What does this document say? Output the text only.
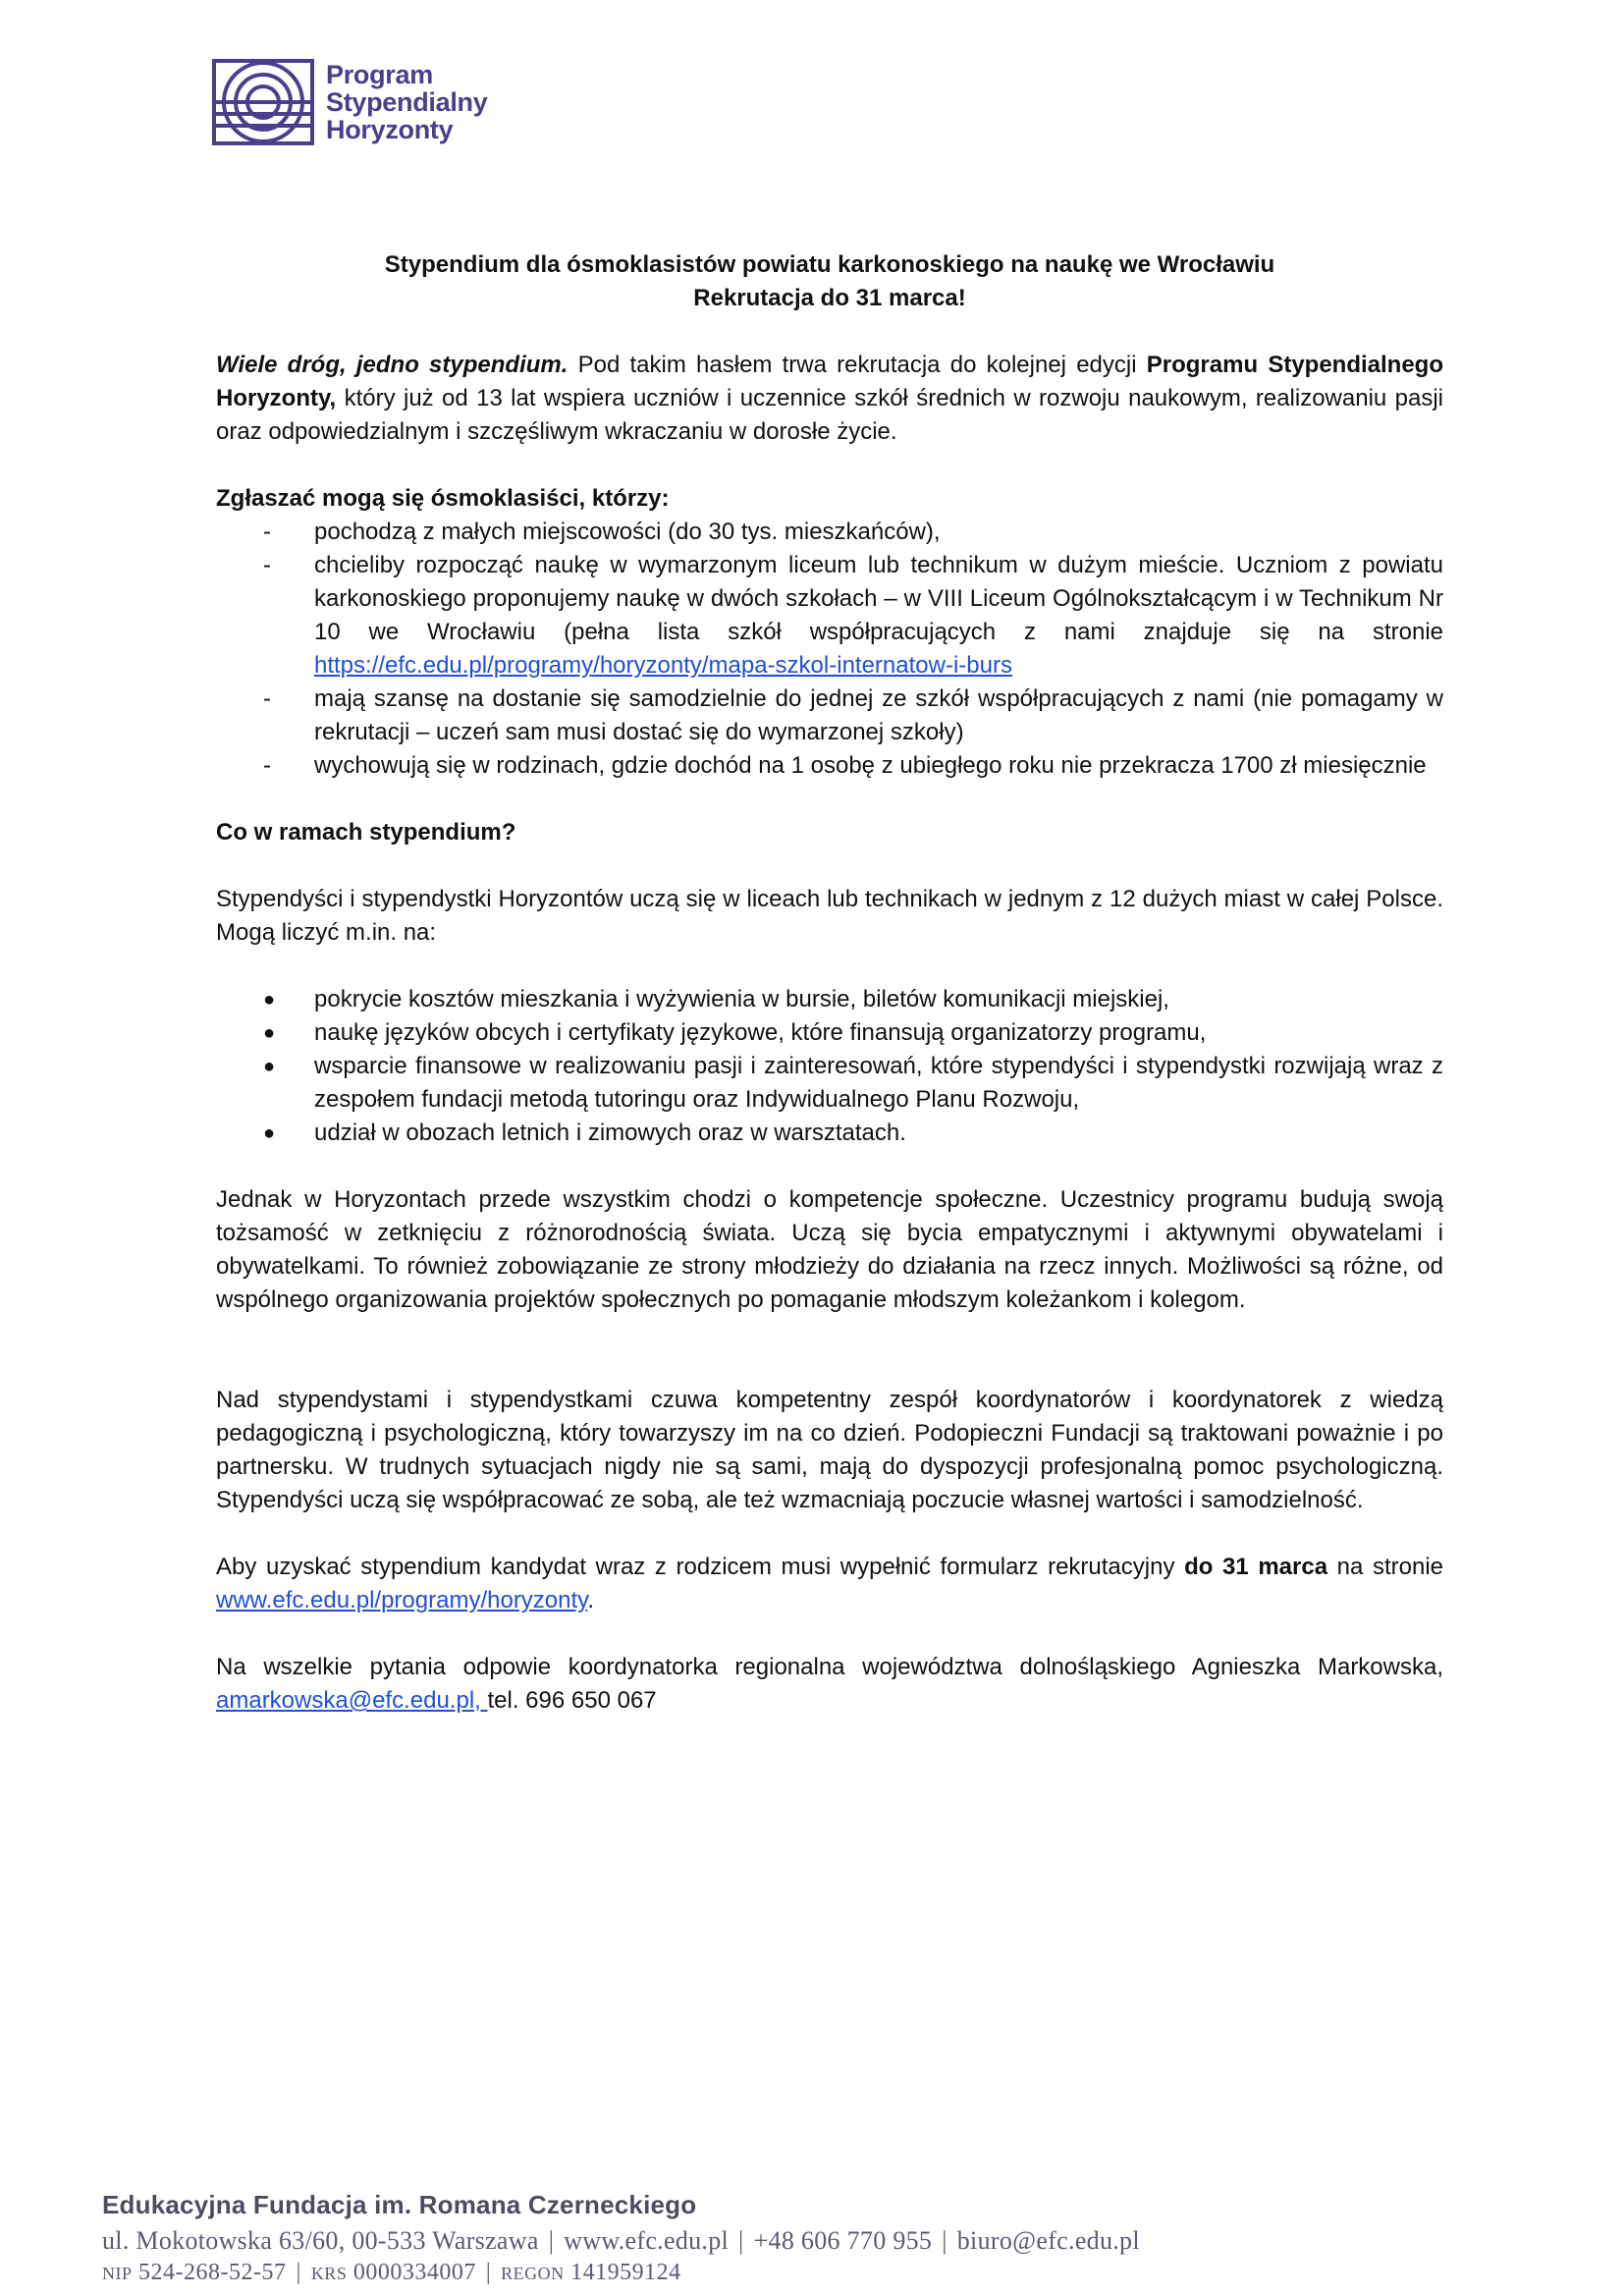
Program
Stypendialny
Horyzonty
Stypendium dla ósmoklasistów powiatu karkonoskiego na naukę we Wrocławiu
Rekrutacja do 31 marca!

Wiele dróg, jedno stypendium. Pod takim hasłem trwa rekrutacja do kolejnej edycji Programu Stypendialnego Horyzonty, który już od 13 lat wspiera uczniów i uczennice szkół średnich w rozwoju naukowym, realizowaniu pasji oraz odpowiedzialnym i szczęśliwym wkraczaniu w dorosłe życie.

Zgłaszać mogą się ósmoklasiści, którzy:
- pochodzą z małych miejscowości (do 30 tys. mieszkańców),
- chcieliby rozpocząć naukę w wymarzonym liceum lub technikum w dużym mieście. Uczniom z powiatu karkonoskiego proponujemy naukę w dwóch szkołach – w VIII Liceum Ogólnokształcącym i w Technikum Nr 10 we Wrocławiu (pełna lista szkół współpracujących z nami znajduje się na stronie https://efc.edu.pl/programy/horyzonty/mapa-szkol-internatow-i-burs
- mają szansę na dostanie się samodzielnie do jednej ze szkół współpracujących z nami (nie pomagamy w rekrutacji – uczeń sam musi dostać się do wymarzonej szkoły)
- wychowują się w rodzinach, gdzie dochód na 1 osobę z ubiegłego roku nie przekracza 1700 zł miesięcznie
Co w ramach stypendium?

Stypendyści i stypendystki Horyzontów uczą się w liceach lub technikach w jednym z 12 dużych miast w całej Polsce. Mogą liczyć m.in. na:

● pokrycie kosztów mieszkania i wyżywienia w bursie, biletów komunikacji miejskiej,
● naukę języków obcych i certyfikaty językowe, które finansują organizatorzy programu,
● wsparcie finansowe w realizowaniu pasji i zainteresowań, które stypendyści i stypendystki rozwijają wraz z zespołem fundacji metodą tutoringu oraz Indywidualnego Planu Rozwoju,
● udział w obozach letnich i zimowych oraz w warsztatach.

Jednak w Horyzontach przede wszystkim chodzi o kompetencje społeczne. Uczestnicy programu budują swoją tożsamość w zetknięciu z różnorodnością świata. Uczą się bycia empatycznymi i aktywnymi obywatelami i obywatelkami. To również zobowiązanie ze strony młodzieży do działania na rzecz innych. Możliwości są różne, od wspólnego organizowania projektów społecznych po pomaganie młodszym koleżankom i kolegom.

Nad stypendystami i stypendystkami czuwa kompetentny zespół koordynatorów i koordynatorek z wiedzą pedagogiczną i psychologiczną, który towarzyszy im na co dzień. Podopieczni Fundacji są traktowani poważnie i po partnersku. W trudnych sytuacjach nigdy nie są sami, mają do dyspozycji profesjonalną pomoc psychologiczną. Stypendyści uczą się współpracować ze sobą, ale też wzmacniają poczucie własnej wartości i samodzielność.

Aby uzyskać stypendium kandydat wraz z rodzicem musi wypełnić formularz rekrutacyjny do 31 marca na stronie www.efc.edu.pl/programy/horyzonty.

Na wszelkie pytania odpowie koordynatorka regionalna województwa dolnośląskiego Agnieszka Markowska, amarkowska@efc.edu.pl, tel. 696 650 067

Edukacyjna Fundacja im. Romana Czerneckiego
ul. Mokotowska 63/60, 00-533 Warszawa | www.efc.edu.pl | +48 606 770 955 | biuro@efc.edu.pl
NIP 524-268-52-57 | KRS 0000334007 | REGON 141959124
